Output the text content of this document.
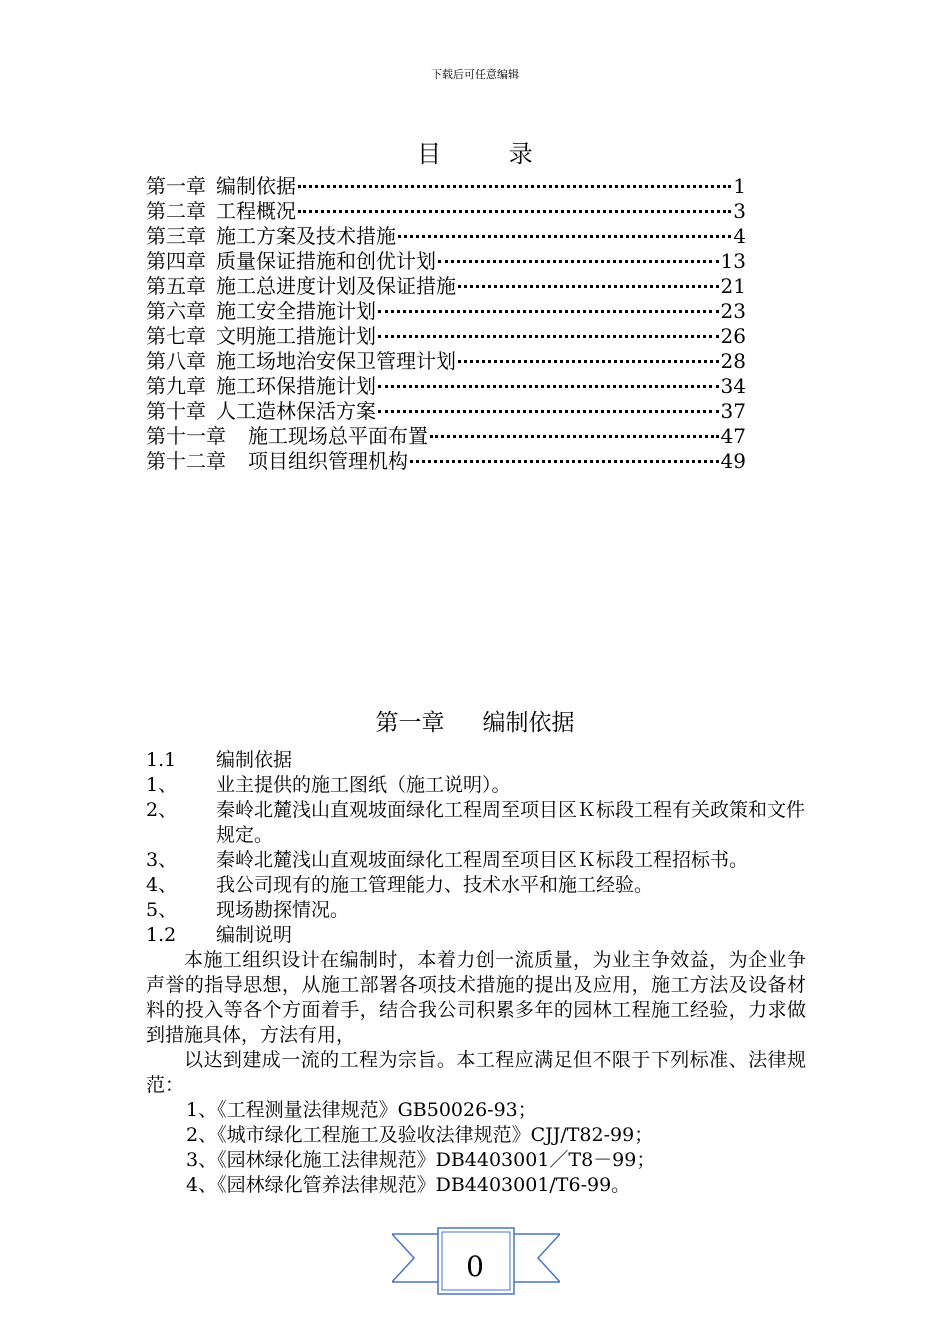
下载后可任意编辑
目 录
第一章 编制依据	1
第二章 工程概况	3
第三章 施工方案及技术措施	4
第四章 质量保证措施和创优计划	13
第五章 施工总进度计划及保证措施	21
第六章 施工安全措施计划	23
第七章 文明施工措施计划	26
第八章 施工场地治安保卫管理计划	28
第九章 施工环保措施计划	34
第十章 人工造林保活方案	37
第十一章 施工现场总平面布置	47
第十二章 项目组织管理机构	49
第一章 编制依据
1.1	编制依据
1、	业主提供的施工图纸（施工说明）。
2、	秦岭北麓浅山直观坡面绿化工程周至项目区Ｋ标段工程有关政策和文件规定。
3、	秦岭北麓浅山直观坡面绿化工程周至项目区Ｋ标段工程招标书。
4、	我公司现有的施工管理能力、技术水平和施工经验。
5、	现场勘探情况。
1.2	编制说明
本施工组织设计在编制时，本着力创一流质量，为业主争效益，为企业争声誉的指导思想，从施工部署各项技术措施的提出及应用，施工方法及设备材料的投入等各个方面着手，结合我公司积累多年的园林工程施工经验，力求做到措施具体，方法有用，
以达到建成一流的工程为宗旨。本工程应满足但不限于下列标准、法律规范：
1、《工程测量法律规范》GB50026-93；
2、《城市绿化工程施工及验收法律规范》CJJ/T82-99；
3、《园林绿化施工法律规范》DB4403001／T8－99；
4、《园林绿化管养法律规范》DB4403001/T6-99。
0
